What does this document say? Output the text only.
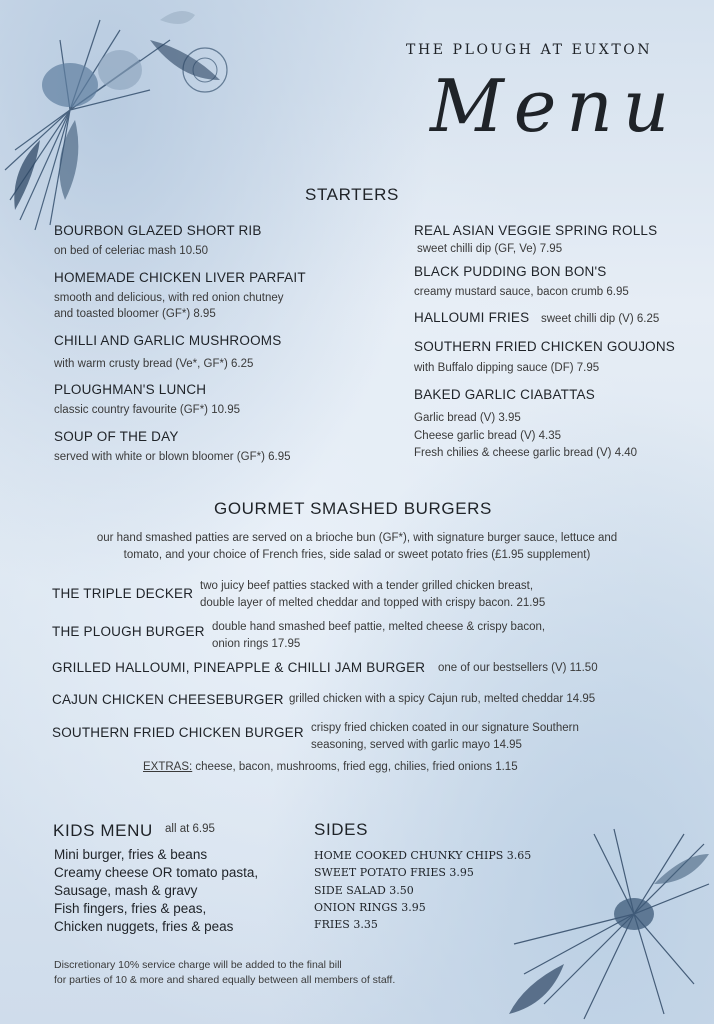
THE PLOUGH AT EUXTON
Menu
STARTERS
BOURBON GLAZED SHORT RIB
on bed of celeriac mash 10.50
HOMEMADE CHICKEN LIVER PARFAIT
smooth and delicious, with red onion chutney
and toasted bloomer (GF*) 8.95
CHILLI AND GARLIC MUSHROOMS
with warm crusty bread (Ve*, GF*) 6.25
PLOUGHMAN'S LUNCH
classic country favourite (GF*) 10.95
SOUP OF THE DAY
served with white or blown bloomer (GF*) 6.95
REAL ASIAN VEGGIE SPRING ROLLS
sweet chilli dip (GF, Ve) 7.95
BLACK PUDDING BON BON'S
creamy mustard sauce, bacon crumb 6.95
HALLOUMI FRIES sweet chilli dip (V) 6.25
SOUTHERN FRIED CHICKEN GOUJONS
with Buffalo dipping sauce (DF) 7.95
BAKED GARLIC CIABATTAS
Garlic bread (V) 3.95
Cheese garlic bread (V) 4.35
Fresh chilies & cheese garlic bread (V) 4.40
GOURMET SMASHED BURGERS
our hand smashed patties are served on a brioche bun (GF*), with signature burger sauce, lettuce and
tomato, and your choice of French fries, side salad or sweet potato fries (£1.95 supplement)
THE TRIPLE DECKER two juicy beef patties stacked with a tender grilled chicken breast,
double layer of melted cheddar and topped with crispy bacon. 21.95
THE PLOUGH BURGER double hand smashed beef pattie, melted cheese & crispy bacon,
onion rings 17.95
GRILLED HALLOUMI, PINEAPPLE & CHILLI JAM BURGER one of our bestsellers (V) 11.50
CAJUN CHICKEN CHEESEBURGER grilled chicken with a spicy Cajun rub, melted cheddar 14.95
SOUTHERN FRIED CHICKEN BURGER crispy fried chicken coated in our signature Southern
seasoning, served with garlic mayo 14.95
EXTRAS: cheese, bacon, mushrooms, fried egg, chilies, fried onions 1.15
KIDS MENU all at 6.95
Mini burger, fries & beans
Creamy cheese OR tomato pasta,
Sausage, mash & gravy
Fish fingers, fries & peas,
Chicken nuggets, fries & peas
SIDES
HOME COOKED CHUNKY CHIPS 3.65
SWEET POTATO FRIES 3.95
SIDE SALAD 3.50
ONION RINGS 3.95
FRIES 3.35
Discretionary 10% service charge will be added to the final bill
for parties of 10 & more and shared equally between all members of staff.
